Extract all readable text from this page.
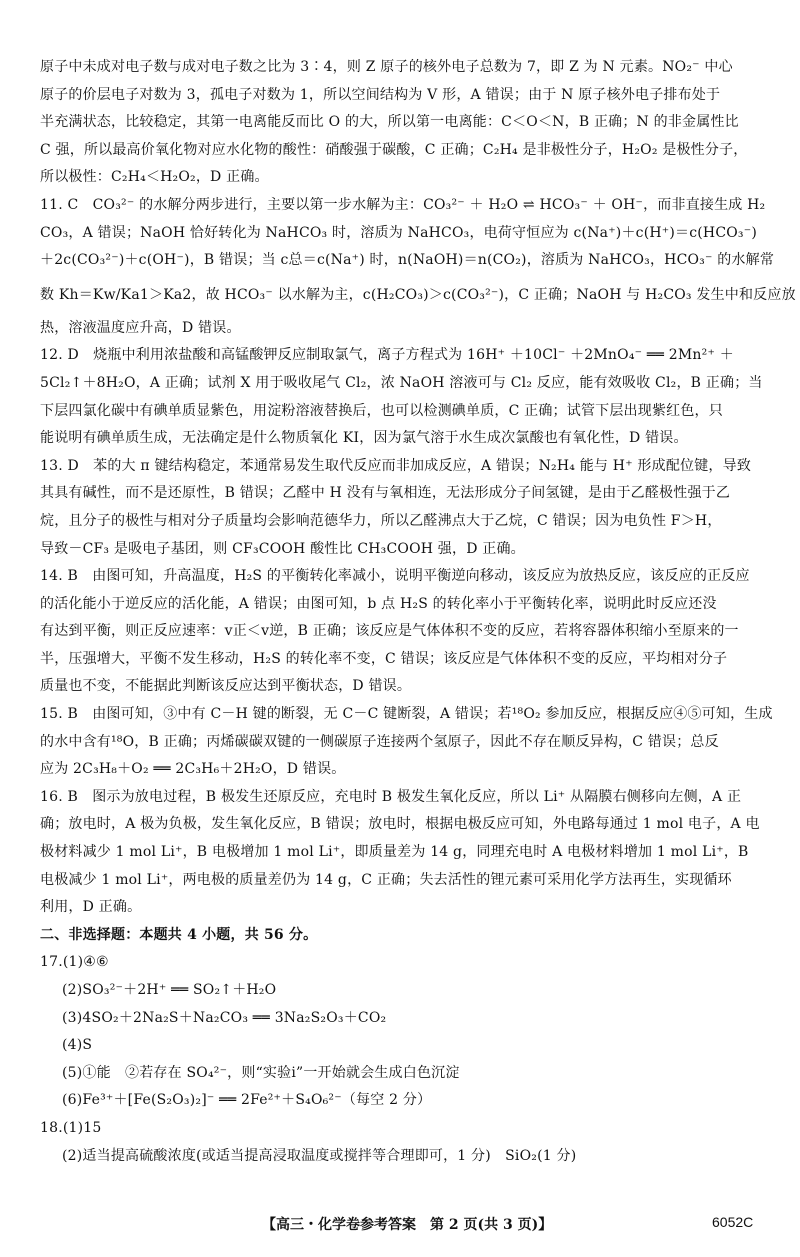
原子中未成对电子数与成对电子数之比为 3∶4，则 Z 原子的核外电子总数为 7，即 Z 为 N 元素。NO₂⁻ 中心

原子的价层电子对数为 3，孤电子对数为 1，所以空间结构为 V 形，A 错误；由于 N 原子核外电子排布处于

半充满状态，比较稳定，其第一电离能反而比 O 的大，所以第一电离能：C＜O＜N，B 正确；N 的非金属性比

C 强，所以最高价氧化物对应水化物的酸性：硝酸强于碳酸，C 正确；C₂H₄ 是非极性分子，H₂O₂ 是极性分子，

所以极性：C₂H₄＜H₂O₂，D 正确。

11. C　CO₃²⁻ 的水解分两步进行，主要以第一步水解为主：CO₃²⁻ ＋ H₂O ⇌ HCO₃⁻ ＋ OH⁻，而非直接生成 H₂

CO₃，A 错误；NaOH 恰好转化为 NaHCO₃ 时，溶质为 NaHCO₃，电荷守恒应为 c(Na⁺)＋c(H⁺)＝c(HCO₃⁻)

＋2c(CO₃²⁻)＋c(OH⁻)，B 错误；当 c总＝c(Na⁺) 时，n(NaOH)＝n(CO₂)，溶质为 NaHCO₃，HCO₃⁻ 的水解常

数 Kh＝Kw/Ka1＞Ka2，故 HCO₃⁻ 以水解为主，c(H₂CO₃)＞c(CO₃²⁻)，C 正确；NaOH 与 H₂CO₃ 发生中和反应放

热，溶液温度应升高，D 错误。

12. D　烧瓶中利用浓盐酸和高锰酸钾反应制取氯气，离子方程式为 16H⁺ ＋10Cl⁻ ＋2MnO₄⁻ ══ 2Mn²⁺ ＋

5Cl₂↑＋8H₂O，A 正确；试剂 X 用于吸收尾气 Cl₂，浓 NaOH 溶液可与 Cl₂ 反应，能有效吸收 Cl₂，B 正确；当

下层四氯化碳中有碘单质显紫色，用淀粉溶液替换后，也可以检测碘单质，C 正确；试管下层出现紫红色，只

能说明有碘单质生成，无法确定是什么物质氧化 KI，因为氯气溶于水生成次氯酸也有氧化性，D 错误。

13. D　苯的大 π 键结构稳定，苯通常易发生取代反应而非加成反应，A 错误；N₂H₄ 能与 H⁺ 形成配位键，导致

其具有碱性，而不是还原性，B 错误；乙醛中 H 没有与氧相连，无法形成分子间氢键，是由于乙醛极性强于乙

烷，且分子的极性与相对分子质量均会影响范德华力，所以乙醛沸点大于乙烷，C 错误；因为电负性 F＞H，

导致－CF₃ 是吸电子基团，则 CF₃COOH 酸性比 CH₃COOH 强，D 正确。

14. B　由图可知，升高温度，H₂S 的平衡转化率减小，说明平衡逆向移动，该反应为放热反应，该反应的正反应

的活化能小于逆反应的活化能，A 错误；由图可知，b 点 H₂S 的转化率小于平衡转化率，说明此时反应还没

有达到平衡，则正反应速率：v正＜v逆，B 正确；该反应是气体体积不变的反应，若将容器体积缩小至原来的一

半，压强增大，平衡不发生移动，H₂S 的转化率不变，C 错误；该反应是气体体积不变的反应，平均相对分子

质量也不变，不能据此判断该反应达到平衡状态，D 错误。

15. B　由图可知，③中有 C－H 键的断裂，无 C－C 键断裂，A 错误；若¹⁸O₂ 参加反应，根据反应④⑤可知，生成

的水中含有¹⁸O，B 正确；丙烯碳碳双键的一侧碳原子连接两个氢原子，因此不存在顺反异构，C 错误；总反

应为 2C₃H₈＋O₂ ══ 2C₃H₆＋2H₂O，D 错误。

16. B　图示为放电过程，B 极发生还原反应，充电时 B 极发生氧化反应，所以 Li⁺ 从隔膜右侧移向左侧，A 正

确；放电时，A 极为负极，发生氧化反应，B 错误；放电时，根据电极反应可知，外电路每通过 1 mol 电子，A 电

极材料减少 1 mol Li⁺，B 电极增加 1 mol Li⁺，即质量差为 14 g，同理充电时 A 电极材料增加 1 mol Li⁺，B

电极减少 1 mol Li⁺，两电极的质量差仍为 14 g，C 正确；失去活性的锂元素可采用化学方法再生，实现循环

利用，D 正确。

二、非选择题：本题共 4 小题，共 56 分。

17.(1)④⑥

(2)SO₃²⁻＋2H⁺ ══ SO₂↑＋H₂O

(3)4SO₂＋2Na₂S＋Na₂CO₃ ══ 3Na₂S₂O₃＋CO₂

(4)S

(5)①能　②若存在 SO₄²⁻，则“实验ⅰ”一开始就会生成白色沉淀

(6)Fe³⁺＋[Fe(S₂O₃)₂]⁻ ══ 2Fe²⁺＋S₄O₆²⁻（每空 2 分）

18.(1)15

(2)适当提高硫酸浓度(或适当提高浸取温度或搅拌等合理即可，1 分)　SiO₂(1 分)

【高三・化学卷参考答案　第 2 页(共 3 页)】	6052C
